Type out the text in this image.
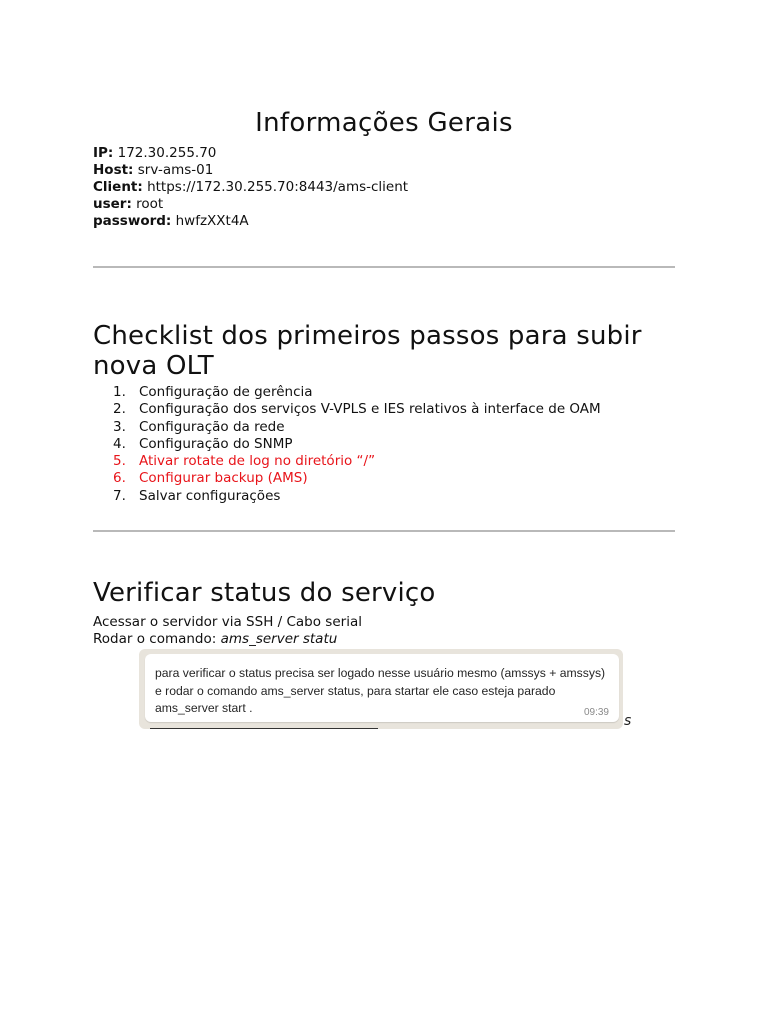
Informações Gerais
IP: 172.30.255.70
Host: srv-ams-01
Client: https://172.30.255.70:8443/ams-client
user: root
password: hwfzXXt4A
Checklist dos primeiros passos para subir
nova OLT
1. Configuração de gerência
2. Configuração dos serviços V-VPLS e IES relativos à interface de OAM
3. Configuração da rede
4. Configuração do SNMP
5. Ativar rotate de log no diretório “/”
6. Configurar backup (AMS)
7. Salvar configurações
Verificar status do serviço
Acessar o servidor via SSH / Cabo serial
Rodar o comando: ams_server statu
para verificar o status precisa ser logado nesse usuário mesmo (amssys + amssys) e rodar o comando ams_server status, para startar ele caso esteja parado ams_server start .	09:39
s
